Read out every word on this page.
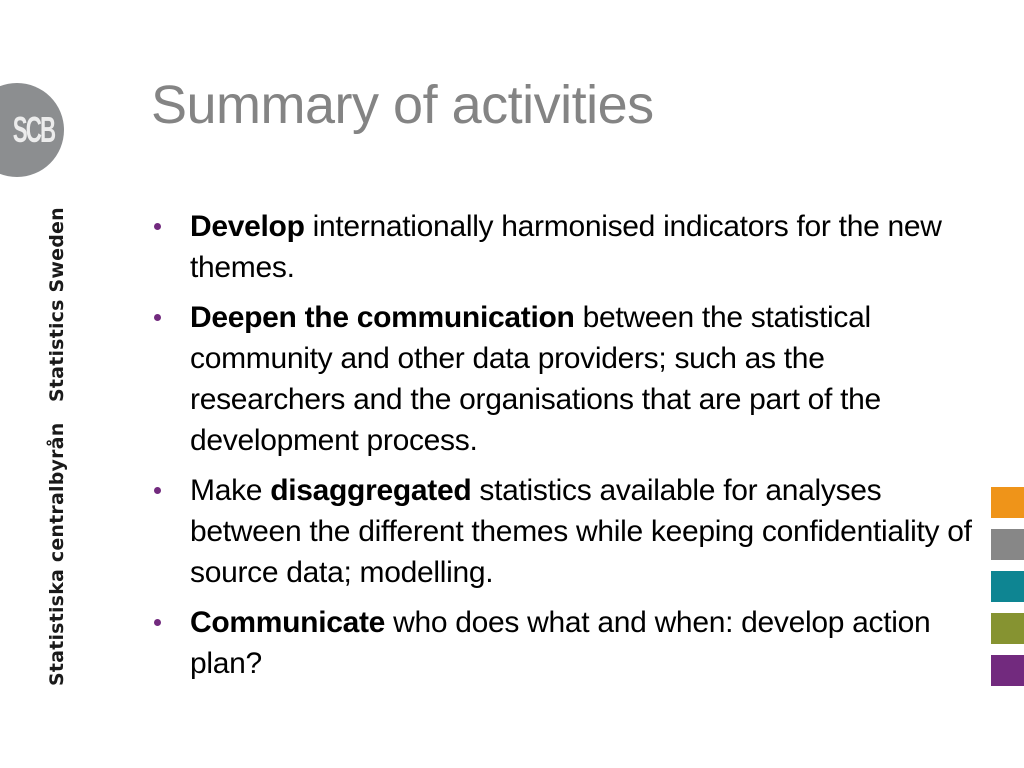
SCB
Statistics Sweden
Statistiska centralbyrån
Summary of activities
Develop internationally harmonised indicators for the new themes.
Deepen the communication between the statistical community and other data providers; such as the researchers and the organisations that are part of the development process.
Make disaggregated statistics available for analyses between the different themes while keeping confidentiality of source data; modelling.
Communicate who does what and when: develop action plan?
